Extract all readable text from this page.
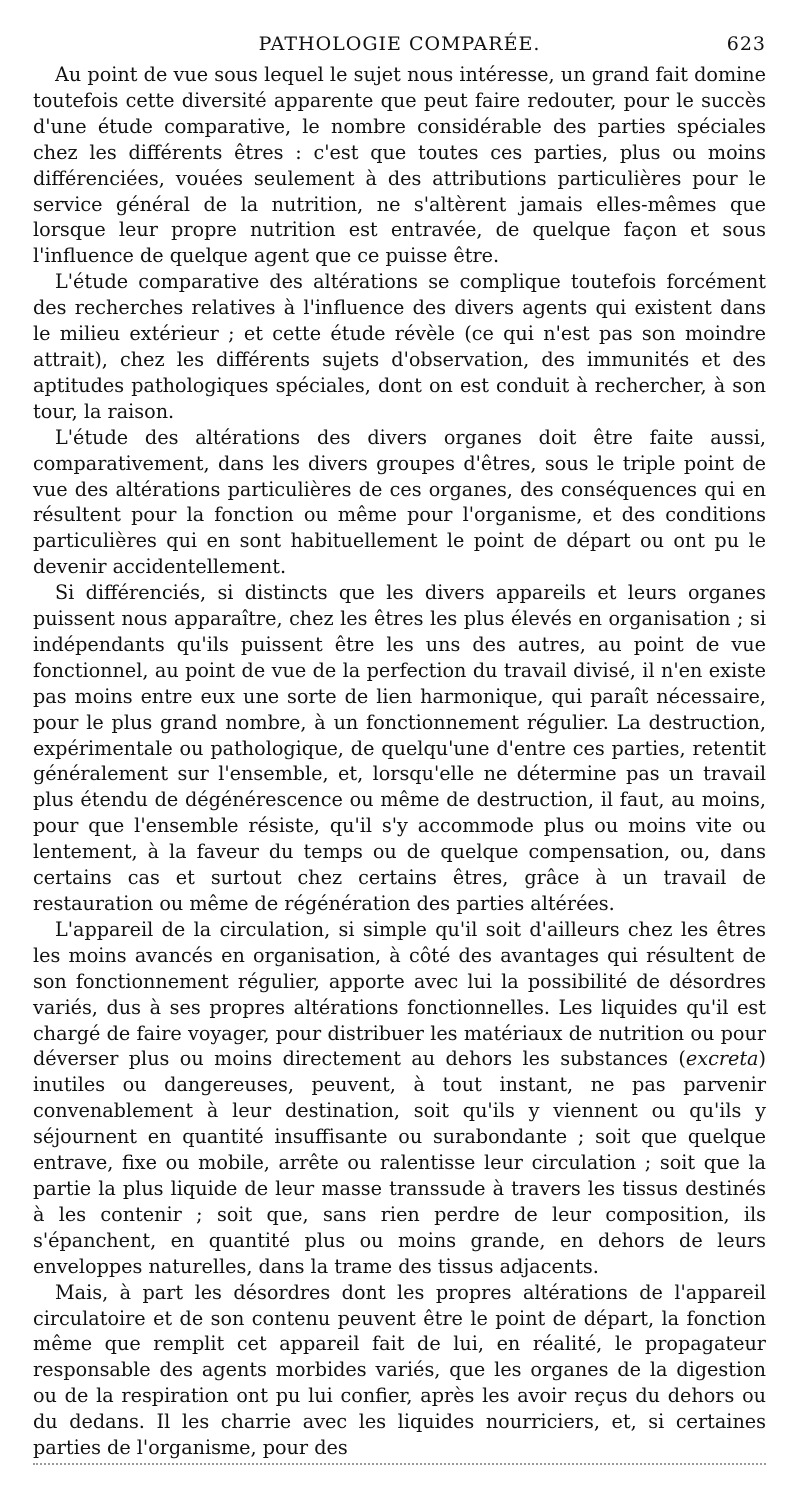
PATHOLOGIE COMPARÉE.	623

Au point de vue sous lequel le sujet nous intéresse, un grand fait domine toutefois cette diversité apparente que peut faire redouter, pour le succès d'une étude comparative, le nombre considérable des parties spéciales chez les différents êtres : c'est que toutes ces parties, plus ou moins différenciées, vouées seulement à des attributions particulières pour le service général de la nutrition, ne s'altèrent jamais elles-mêmes que lorsque leur propre nutrition est entravée, de quelque façon et sous l'influence de quelque agent que ce puisse être.

L'étude comparative des altérations se complique toutefois forcément des recherches relatives à l'influence des divers agents qui existent dans le milieu extérieur ; et cette étude révèle (ce qui n'est pas son moindre attrait), chez les différents sujets d'observation, des immunités et des aptitudes pathologiques spéciales, dont on est conduit à rechercher, à son tour, la raison.

L'étude des altérations des divers organes doit être faite aussi, comparativement, dans les divers groupes d'êtres, sous le triple point de vue des altérations particulières de ces organes, des conséquences qui en résultent pour la fonction ou même pour l'organisme, et des conditions particulières qui en sont habituellement le point de départ ou ont pu le devenir accidentellement.

Si différenciés, si distincts que les divers appareils et leurs organes puissent nous apparaître, chez les êtres les plus élevés en organisation ; si indépendants qu'ils puissent être les uns des autres, au point de vue fonctionnel, au point de vue de la perfection du travail divisé, il n'en existe pas moins entre eux une sorte de lien harmonique, qui paraît nécessaire, pour le plus grand nombre, à un fonctionnement régulier. La destruction, expérimentale ou pathologique, de quelqu'une d'entre ces parties, retentit généralement sur l'ensemble, et, lorsqu'elle ne détermine pas un travail plus étendu de dégénérescence ou même de destruction, il faut, au moins, pour que l'ensemble résiste, qu'il s'y accommode plus ou moins vite ou lentement, à la faveur du temps ou de quelque compensation, ou, dans certains cas et surtout chez certains êtres, grâce à un travail de restauration ou même de régénération des parties altérées.

L'appareil de la circulation, si simple qu'il soit d'ailleurs chez les êtres les moins avancés en organisation, à côté des avantages qui résultent de son fonctionnement régulier, apporte avec lui la possibilité de désordres variés, dus à ses propres altérations fonctionnelles. Les liquides qu'il est chargé de faire voyager, pour distribuer les matériaux de nutrition ou pour déverser plus ou moins directement au dehors les substances (excreta) inutiles ou dangereuses, peuvent, à tout instant, ne pas parvenir convenablement à leur destination, soit qu'ils y viennent ou qu'ils y séjournent en quantité insuffisante ou surabondante ; soit que quelque entrave, fixe ou mobile, arrête ou ralentisse leur circulation ; soit que la partie la plus liquide de leur masse transsude à travers les tissus destinés à les contenir ; soit que, sans rien perdre de leur composition, ils s'épanchent, en quantité plus ou moins grande, en dehors de leurs enveloppes naturelles, dans la trame des tissus adjacents.

Mais, à part les désordres dont les propres altérations de l'appareil circulatoire et de son contenu peuvent être le point de départ, la fonction même que remplit cet appareil fait de lui, en réalité, le propagateur responsable des agents morbides variés, que les organes de la digestion ou de la respiration ont pu lui confier, après les avoir reçus du dehors ou du dedans. Il les charrie avec les liquides nourriciers, et, si certaines parties de l'organisme, pour des
